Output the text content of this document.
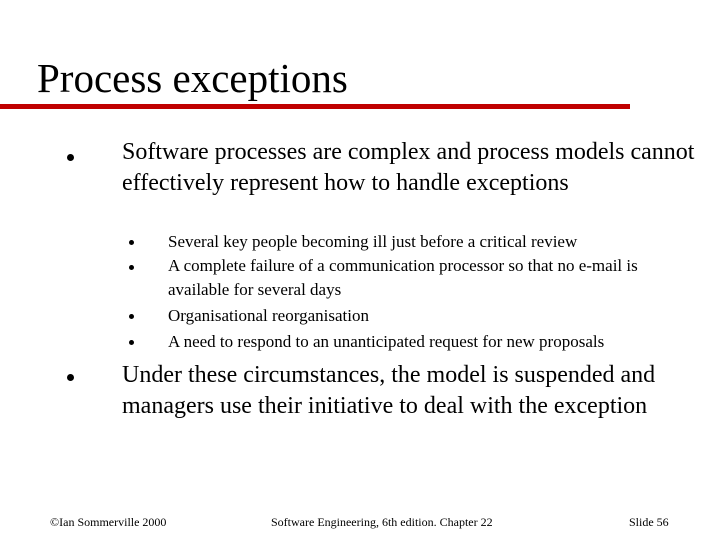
Process exceptions
Software processes are complex and process models cannot effectively represent how to handle exceptions
Several key people becoming ill just before a critical review
A complete failure of a communication processor so that no e-mail is available for several days
Organisational reorganisation
A need to respond to an unanticipated request for new proposals
Under these circumstances, the model is suspended and managers use their initiative to deal with the exception
©Ian Sommerville 2000	Software Engineering, 6th edition. Chapter 22	Slide 56
